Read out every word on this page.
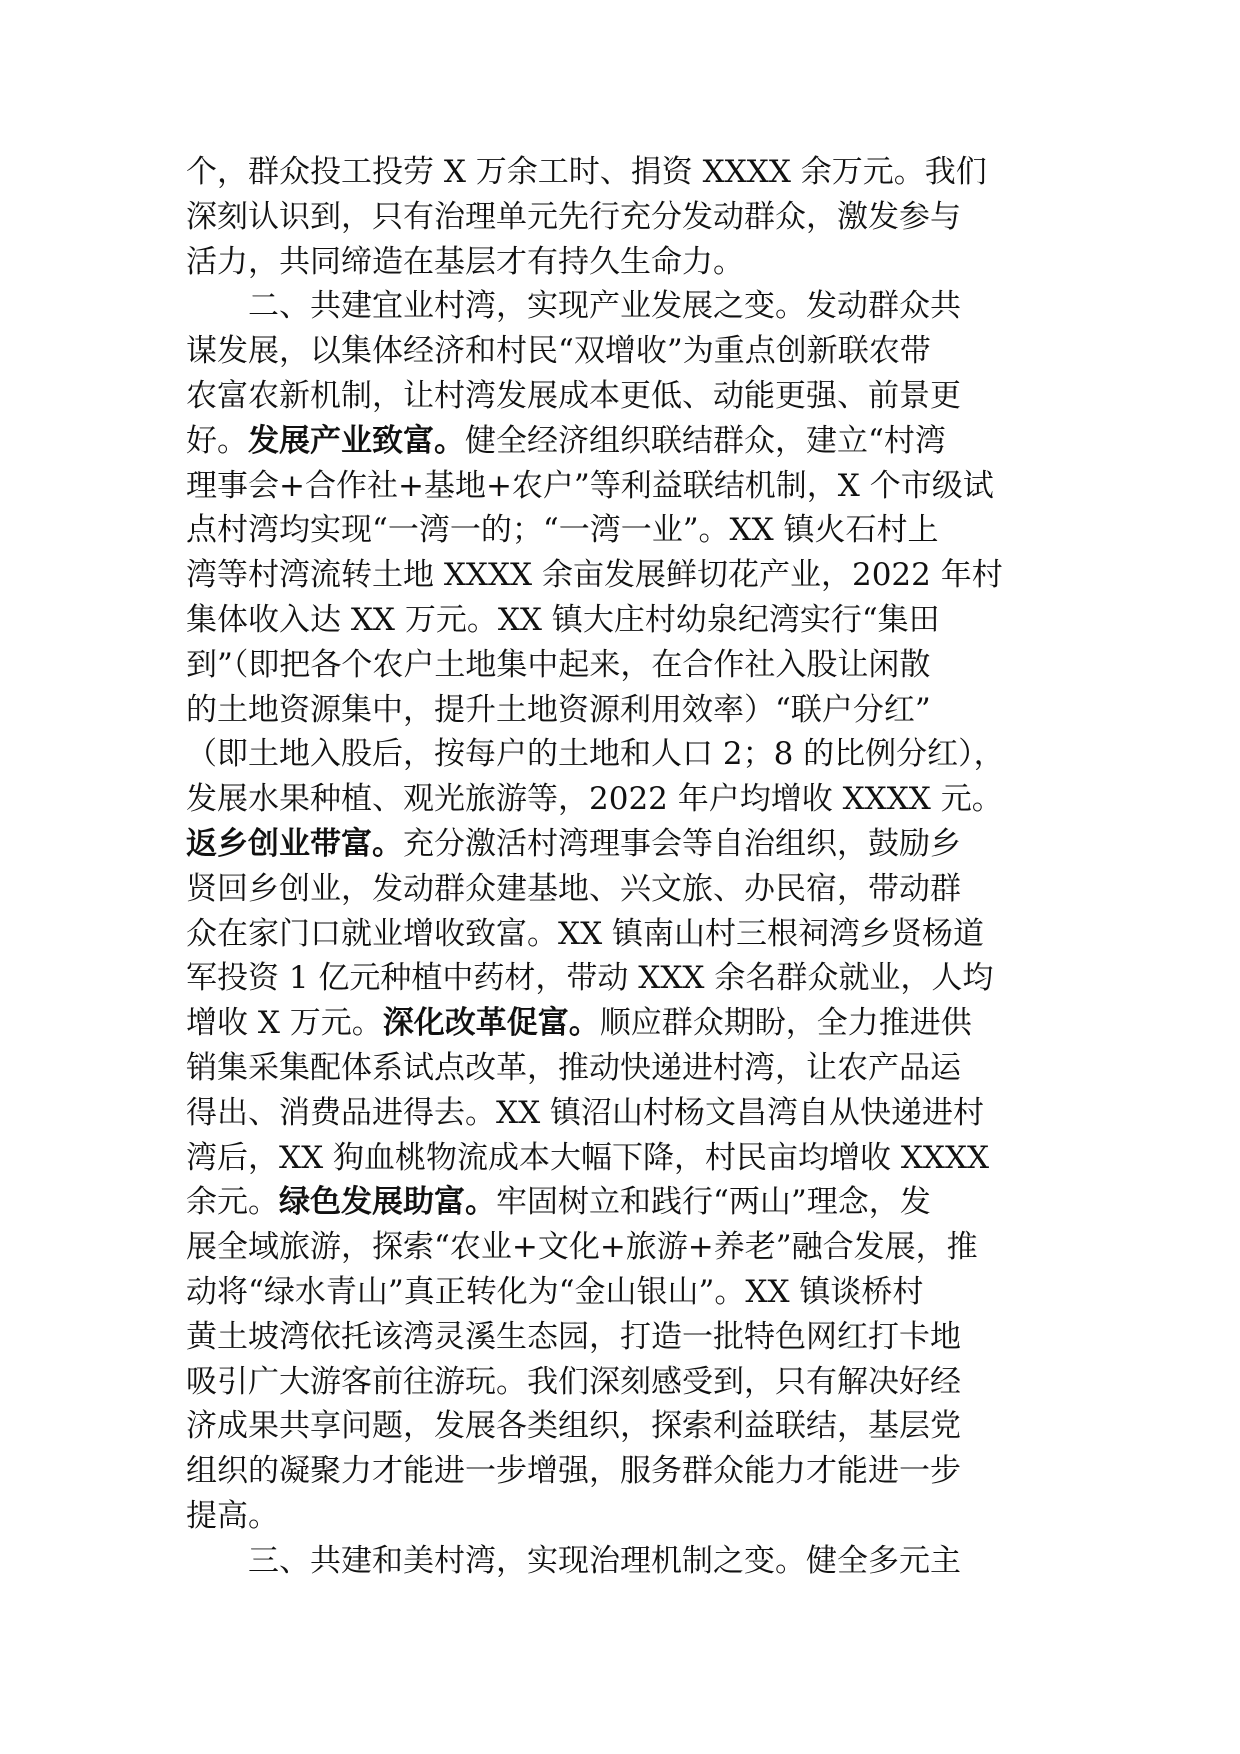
个，群众投工投劳 X 万余工时、捐资 XXXX 余万元。我们
深刻认识到，只有治理单元先行充分发动群众，激发参与
活力，共同缔造在基层才有持久生命力。
二、共建宜业村湾，实现产业发展之变。发动群众共
谋发展，以集体经济和村民“双增收”为重点创新联农带
农富农新机制，让村湾发展成本更低、动能更强、前景更
好。发展产业致富。健全经济组织联结群众，建立“村湾
理事会+合作社+基地+农户”等利益联结机制，X 个市级试
点村湾均实现“一湾一的；“一湾一业”。XX 镇火石村上
湾等村湾流转土地 XXXX 余亩发展鲜切花产业，2022 年村
集体收入达 XX 万元。XX 镇大庄村幼泉纪湾实行“集田
到”（即把各个农户土地集中起来，在合作社入股让闲散
的土地资源集中，提升土地资源利用效率）“联户分红”
（即土地入股后，按每户的土地和人口 2；8 的比例分红），
发展水果种植、观光旅游等，2022 年户均增收 XXXX 元。
返乡创业带富。充分激活村湾理事会等自治组织，鼓励乡
贤回乡创业，发动群众建基地、兴文旅、办民宿，带动群
众在家门口就业增收致富。XX 镇南山村三根祠湾乡贤杨道
军投资 1 亿元种植中药材，带动 XXX 余名群众就业，人均
增收 X 万元。深化改革促富。顺应群众期盼，全力推进供
销集采集配体系试点改革，推动快递进村湾，让农产品运
得出、消费品进得去。XX 镇沼山村杨文昌湾自从快递进村
湾后，XX 狗血桃物流成本大幅下降，村民亩均增收 XXXX
余元。绿色发展助富。牢固树立和践行“两山”理念，发
展全域旅游，探索“农业+文化+旅游+养老”融合发展，推
动将“绿水青山”真正转化为“金山银山”。XX 镇谈桥村
黄土坡湾依托该湾灵溪生态园，打造一批特色网红打卡地
吸引广大游客前往游玩。我们深刻感受到，只有解决好经
济成果共享问题，发展各类组织，探索利益联结，基层党
组织的凝聚力才能进一步增强，服务群众能力才能进一步
提高。
三、共建和美村湾，实现治理机制之变。健全多元主
